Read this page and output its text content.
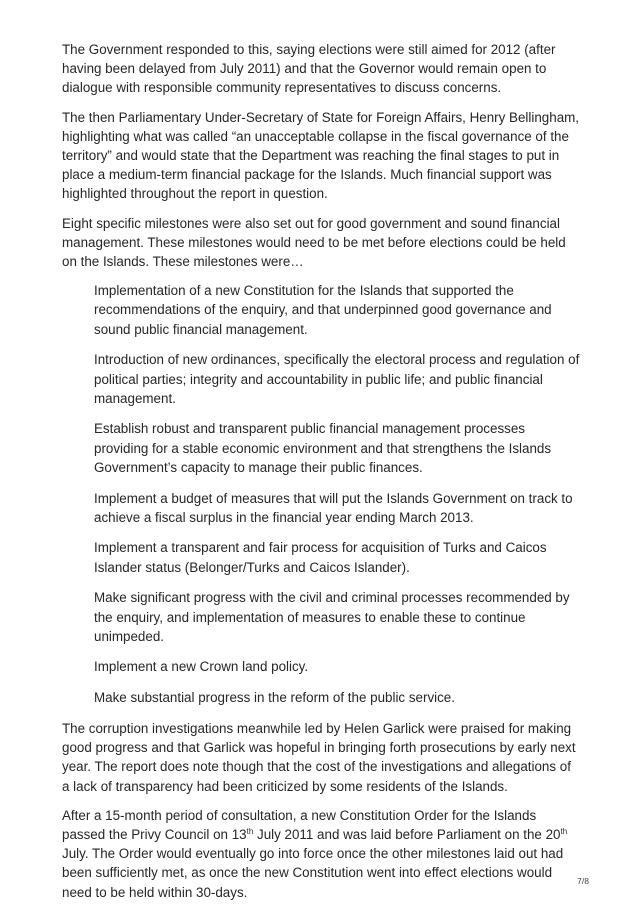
The Government responded to this, saying elections were still aimed for 2012 (after having been delayed from July 2011) and that the Governor would remain open to dialogue with responsible community representatives to discuss concerns.

The then Parliamentary Under-Secretary of State for Foreign Affairs, Henry Bellingham, highlighting what was called “an unacceptable collapse in the fiscal governance of the territory” and would state that the Department was reaching the final stages to put in place a medium-term financial package for the Islands. Much financial support was highlighted throughout the report in question.

Eight specific milestones were also set out for good government and sound financial management. These milestones would need to be met before elections could be held on the Islands. These milestones were…

Implementation of a new Constitution for the Islands that supported the recommendations of the enquiry, and that underpinned good governance and sound public financial management.

Introduction of new ordinances, specifically the electoral process and regulation of political parties; integrity and accountability in public life; and public financial management.

Establish robust and transparent public financial management processes providing for a stable economic environment and that strengthens the Islands Government’s capacity to manage their public finances.

Implement a budget of measures that will put the Islands Government on track to achieve a fiscal surplus in the financial year ending March 2013.

Implement a transparent and fair process for acquisition of Turks and Caicos Islander status (Belonger/Turks and Caicos Islander).

Make significant progress with the civil and criminal processes recommended by the enquiry, and implementation of measures to enable these to continue unimpeded.

Implement a new Crown land policy.

Make substantial progress in the reform of the public service.

The corruption investigations meanwhile led by Helen Garlick were praised for making good progress and that Garlick was hopeful in bringing forth prosecutions by early next year. The report does note though that the cost of the investigations and allegations of a lack of transparency had been criticized by some residents of the Islands.

After a 15-month period of consultation, a new Constitution Order for the Islands passed the Privy Council on 13th July 2011 and was laid before Parliament on the 20th July. The Order would eventually go into force once the other milestones laid out had been sufficiently met, as once the new Constitution went into effect elections would need to be held within 30-days.

7/8
